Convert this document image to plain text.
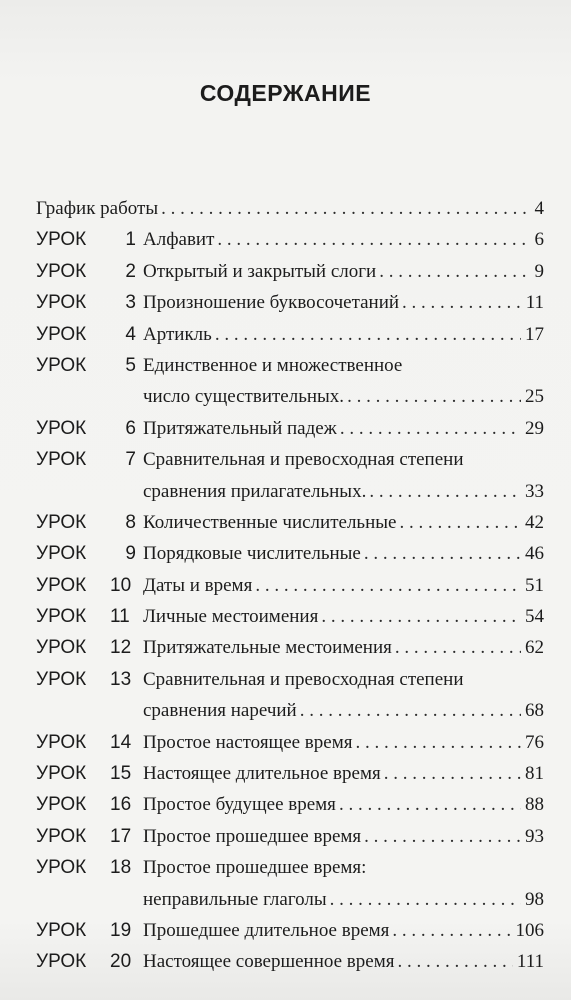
СОДЕРЖАНИЕ
График работы . . .	4
УРОК	1 Алфавит . . .	6
УРОК	2 Открытый и закрытый слоги . . .	9
УРОК	3 Произношение буквосочетаний . . .	11
УРОК	4 Артикль . . .	17
УРОК	5 Единственное и множественное
число существительных. . . .	25
УРОК	6 Притяжательный падеж . . .	29
УРОК	7 Сравнительная и превосходная степени
сравнения прилагательных. . . .	33
УРОК	8 Количественные числительные . . .	42
УРОК	9 Порядковые числительные . . .	46
УРОК 10 Даты и время . . .	51
УРОК 11 Личные местоимения . . .	54
УРОК 12 Притяжательные местоимения . . .	62
УРОК 13 Сравнительная и превосходная степени
сравнения наречий . . .	68
УРОК 14 Простое настоящее время . . .	76
УРОК 15 Настоящее длительное время . . .	81
УРОК 16 Простое будущее время . . .	88
УРОК 17 Простое прошедшее время . . .	93
УРОК 18 Простое прошедшее время:
неправильные глаголы . . .	98
УРОК 19 Прошедшее длительное время . . .	106
УРОК 20 Настоящее совершенное время . . .	111
